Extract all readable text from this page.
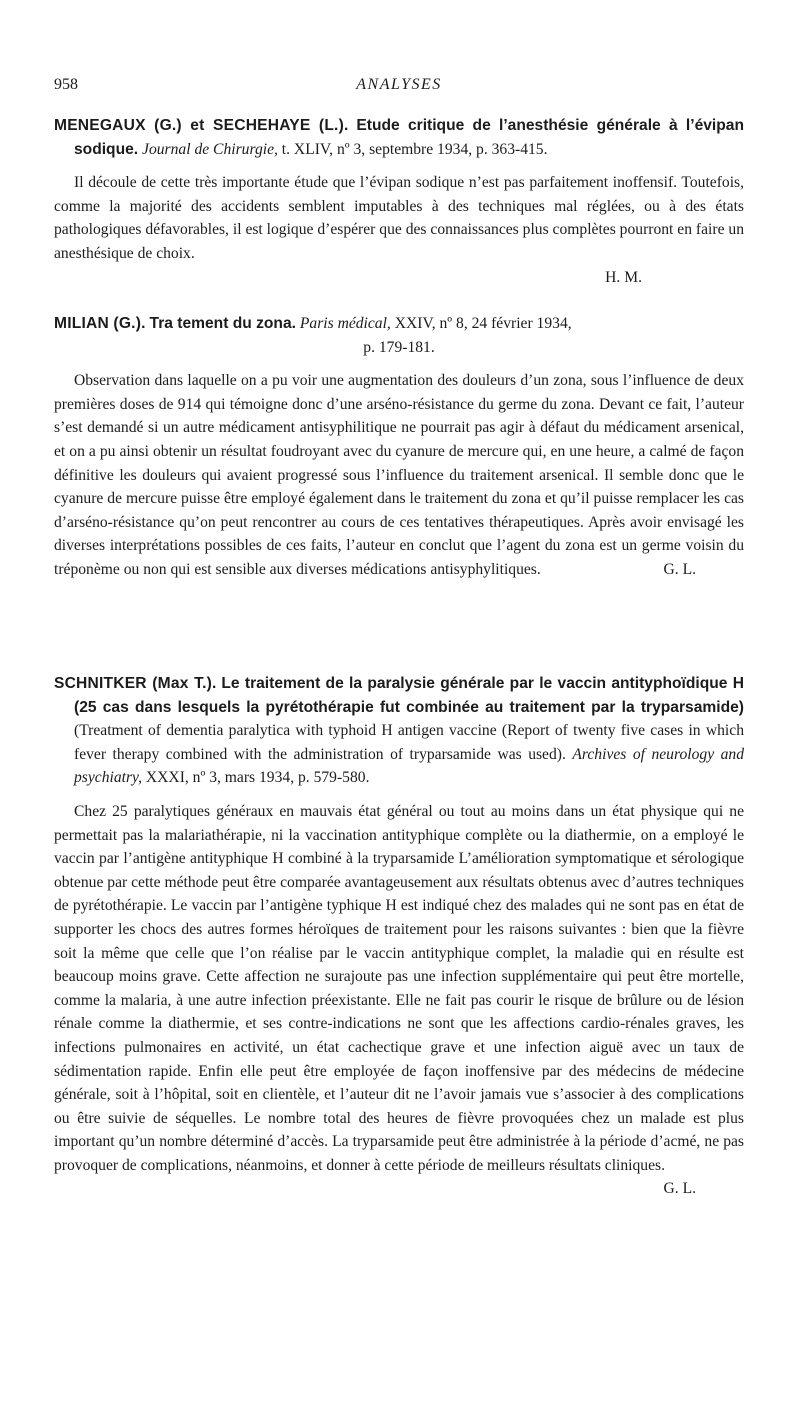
958	ANALYSES

MENEGAUX (G.) et SECHEHAYE (L.). Etude critique de l’anesthésie générale à l’évipan sodique. Journal de Chirurgie, t. XLIV, nº 3, septembre 1934, p. 363-415.

Il découle de cette très importante étude que l’évipan sodique n’est pas parfaitement inoffensif. Toutefois, comme la majorité des accidents semblent imputables à des techniques mal réglées, ou à des états pathologiques défavorables, il est logique d’espérer que des connaissances plus complètes pourront en faire un anesthésique de choix.

H. M.

MILIAN (G.). Tra tement du zona. Paris médical, XXIV, nº 8, 24 février 1934,

p. 179-181.

Observation dans laquelle on a pu voir une augmentation des douleurs d’un zona, sous l’influence de deux premières doses de 914 qui témoigne donc d’une arséno-résistance du germe du zona. Devant ce fait, l’auteur s’est demandé si un autre médicament antisyphilitique ne pourrait pas agir à défaut du médicament arsenical, et on a pu ainsi obtenir un résultat foudroyant avec du cyanure de mercure qui, en une heure, a calmé de façon définitive les douleurs qui avaient progressé sous l’influence du traitement arsenical. Il semble donc que le cyanure de mercure puisse être employé également dans le traitement du zona et qu’il puisse remplacer les cas d’arséno-résistance qu’on peut rencontrer au cours de ces tentatives thérapeutiques. Après avoir envisagé les diverses interprétations possibles de ces faits, l’auteur en conclut que l’agent du zona est un germe voisin du tréponème ou non qui est sensible aux diverses médications antisyphylitiques.	G. L.

SCHNITKER (Max T.). Le traitement de la paralysie générale par le vaccin antityphoïdique H (25 cas dans lesquels la pyrétothérapie fut combinée au traitement par la tryparsamide) (Treatment of dementia paralytica with typhoid H antigen vaccine (Report of twenty five cases in which fever therapy combined with the administration of tryparsamide was used). Archives of neurology and psychiatry, XXXI, nº 3, mars 1934, p. 579-580.

Chez 25 paralytiques généraux en mauvais état général ou tout au moins dans un état physique qui ne permettait pas la malariathérapie, ni la vaccination antityphique complète ou la diathermie, on a employé le vaccin par l’antigène antityphique H combiné à la tryparsamide L’amélioration symptomatique et sérologique obtenue par cette méthode peut être comparée avantageusement aux résultats obtenus avec d’autres techniques de pyrétothérapie. Le vaccin par l’antigène typhique H est indiqué chez des malades qui ne sont pas en état de supporter les chocs des autres formes héroïques de traitement pour les raisons suivantes : bien que la fièvre soit la même que celle que l’on réalise par le vaccin antityphique complet, la maladie qui en résulte est beaucoup moins grave. Cette affection ne surajoute pas une infection supplémentaire qui peut être mortelle, comme la malaria, à une autre infection préexistante. Elle ne fait pas courir le risque de brûlure ou de lésion rénale comme la diathermie, et ses contre-indications ne sont que les affections cardio-rénales graves, les infections pulmonaires en activité, un état cachectique grave et une infection aiguë avec un taux de sédimentation rapide. Enfin elle peut être employée de façon inoffensive par des médecins de médecine générale, soit à l’hôpital, soit en clientèle, et l’auteur dit ne l’avoir jamais vue s’associer à des complications ou être suivie de séquelles. Le nombre total des heures de fièvre provoquées chez un malade est plus important qu’un nombre déterminé d’accès. La tryparsamide peut être administrée à la période d’acmé, ne pas provoquer de complications, néanmoins, et donner à cette période de meilleurs résultats cliniques.
G. L.
